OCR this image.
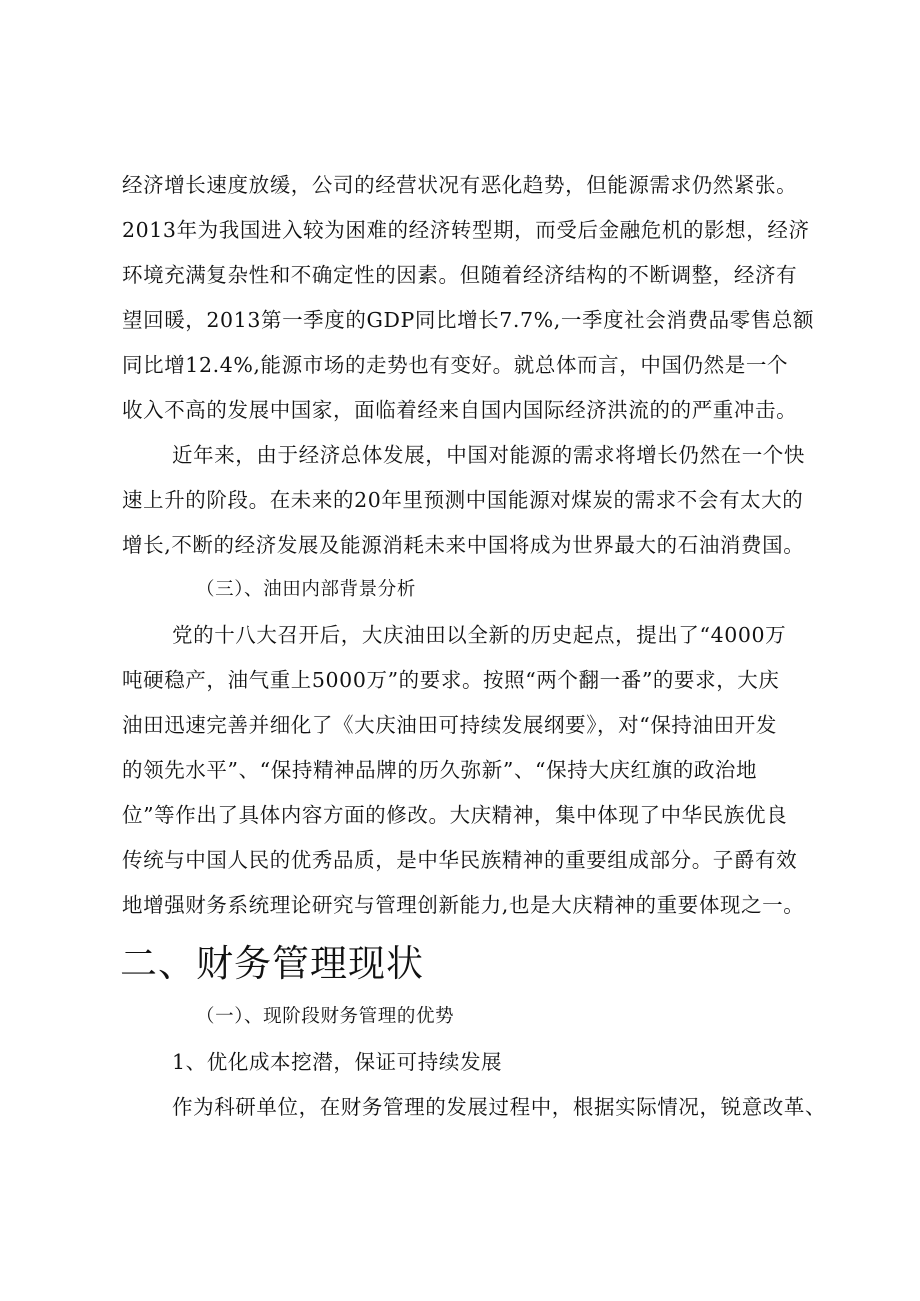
经济增长速度放缓，公司的经营状况有恶化趋势，但能源需求仍然紧张。
2013年为我国进入较为困难的经济转型期，而受后金融危机的影想，经济
环境充满复杂性和不确定性的因素。但随着经济结构的不断调整，经济有
望回暖，2013第一季度的GDP同比增长7.7%,一季度社会消费品零售总额
同比增12.4%,能源市场的走势也有变好。就总体而言，中国仍然是一个
收入不高的发展中国家，面临着经来自国内国际经济洪流的的严重冲击。
近年来，由于经济总体发展，中国对能源的需求将增长仍然在一个快
速上升的阶段。在未来的20年里预测中国能源对煤炭的需求不会有太大的
增长,不断的经济发展及能源消耗未来中国将成为世界最大的石油消费国。
（三）、油田内部背景分析
党的十八大召开后，大庆油田以全新的历史起点，提出了“4000万
吨硬稳产，油气重上5000万”的要求。按照“两个翻一番”的要求，大庆
油田迅速完善并细化了《大庆油田可持续发展纲要》，对“保持油田开发
的领先水平”、“保持精神品牌的历久弥新”、“保持大庆红旗的政治地
位”等作出了具体内容方面的修改。大庆精神，集中体现了中华民族优良
传统与中国人民的优秀品质，是中华民族精神的重要组成部分。子爵有效
地增强财务系统理论研究与管理创新能力,也是大庆精神的重要体现之一。
二、财务管理现状
（一）、现阶段财务管理的优势
1、优化成本挖潜，保证可持续发展
作为科研单位，在财务管理的发展过程中，根据实际情况，锐意改革、
